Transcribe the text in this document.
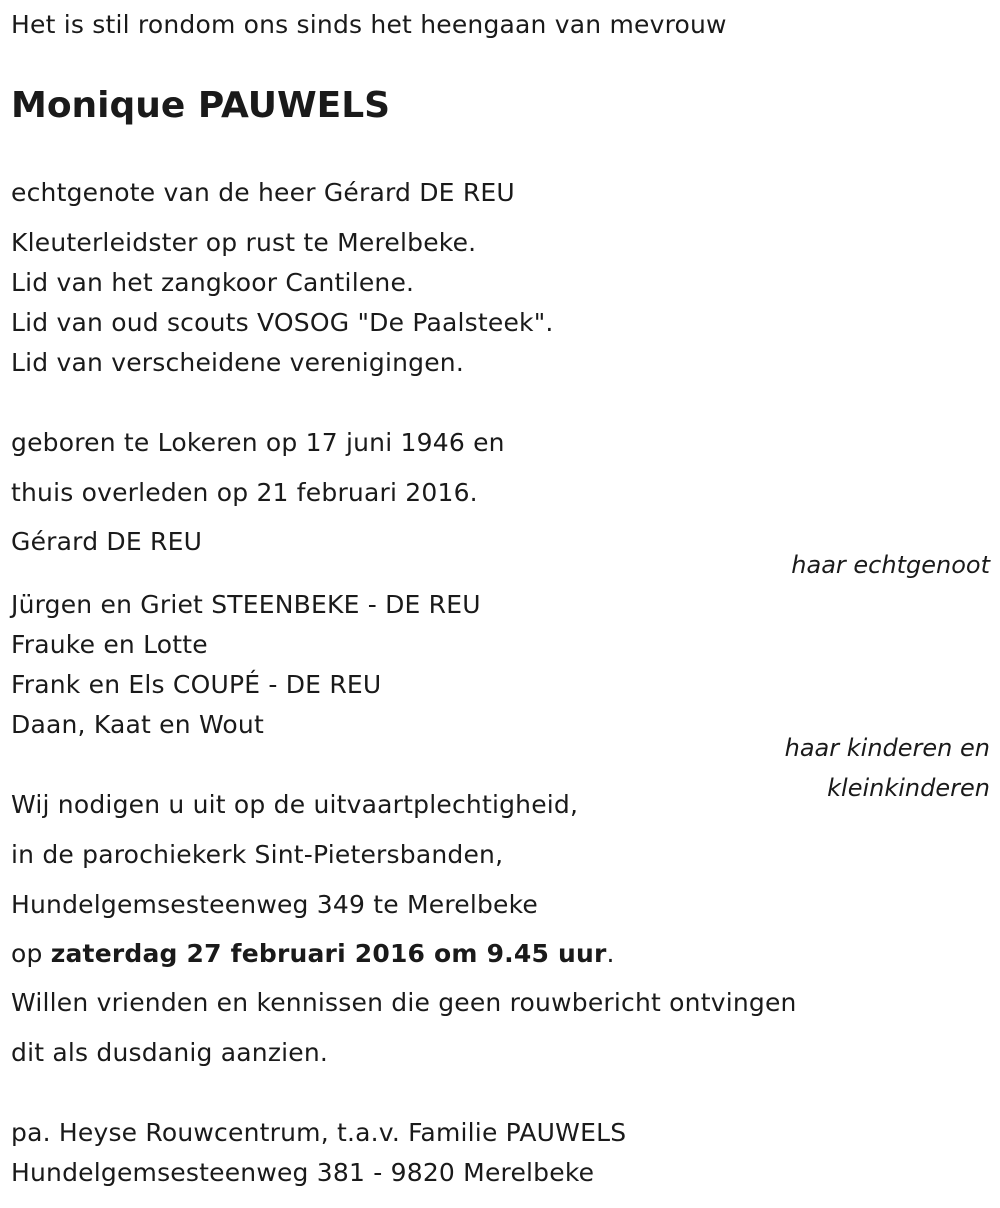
Het is stil rondom ons sinds het heengaan van mevrouw
Monique PAUWELS
echtgenote van de heer Gérard DE REU
Kleuterleidster op rust te Merelbeke.
Lid van het zangkoor Cantilene.
Lid van oud scouts VOSOG "De Paalsteek".
Lid van verscheidene verenigingen.
geboren te Lokeren op 17 juni 1946 en
thuis overleden op 21 februari 2016.
Gérard DE REU
haar echtgenoot
Jürgen en Griet STEENBEKE - DE REU
Frauke en Lotte
Frank en Els COUPÉ - DE REU
Daan, Kaat en Wout
haar kinderen en
kleinkinderen
Wij nodigen u uit op de uitvaartplechtigheid,
in de parochiekerk Sint-Pietersbanden,
Hundelgemsesteenweg 349 te Merelbeke
op zaterdag 27 februari 2016 om 9.45 uur.
Willen vrienden en kennissen die geen rouwbericht ontvingen
dit als dusdanig aanzien.
pa. Heyse Rouwcentrum, t.a.v. Familie PAUWELS
Hundelgemsesteenweg 381 - 9820 Merelbeke
